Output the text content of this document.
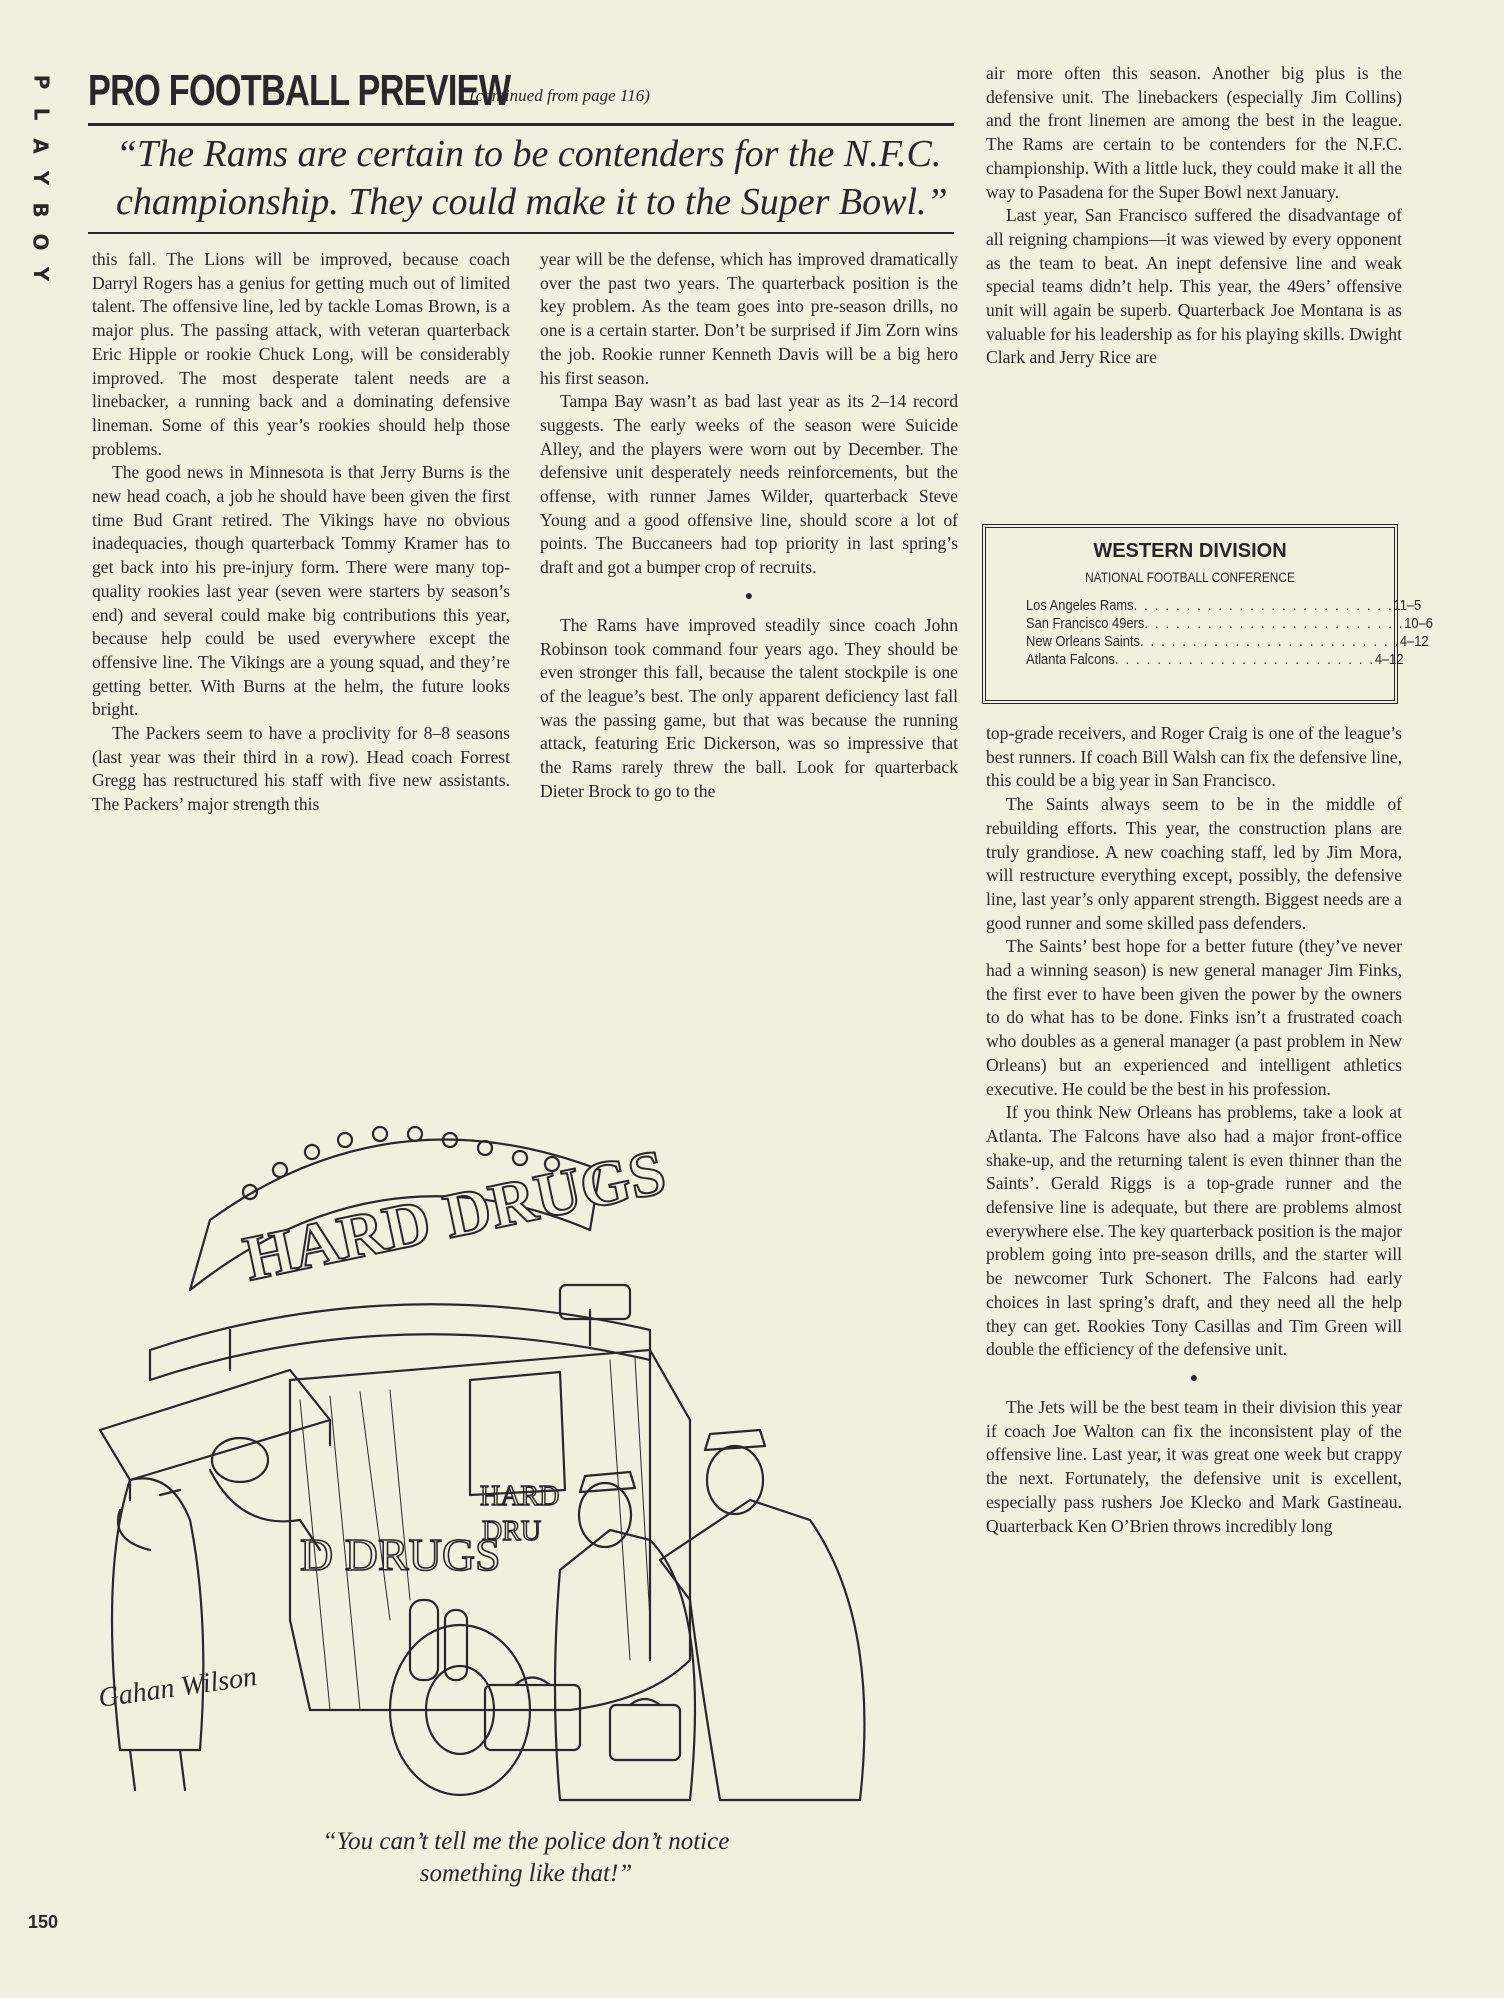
P
L
A
Y
B
O
Y
PRO FOOTBALL PREVIEW
(continued from page 116)
“The Rams are certain to be contenders for the N.F.C.
championship. They could make it to the Super Bowl.”

this fall. The Lions will be improved, because coach Darryl Rogers has a genius for getting much out of limited talent. The offensive line, led by tackle Lomas Brown, is a major plus. The passing attack, with veteran quarterback Eric Hipple or rookie Chuck Long, will be considerably improved. The most desperate talent needs are a linebacker, a running back and a dominating defensive lineman. Some of this year’s rookies should help those problems.

The good news in Minnesota is that Jerry Burns is the new head coach, a job he should have been given the first time Bud Grant retired. The Vikings have no obvious inadequacies, though quarterback Tommy Kramer has to get back into his pre-injury form. There were many top-quality rookies last year (seven were starters by season’s end) and several could make big contributions this year, because help could be used everywhere except the offensive line. The Vikings are a young squad, and they’re getting better. With Burns at the helm, the future looks bright.

The Packers seem to have a proclivity for 8–8 seasons (last year was their third in a row). Head coach Forrest Gregg has restructured his staff with five new assistants. The Packers’ major strength this

year will be the defense, which has improved dramatically over the past two years. The quarterback position is the key problem. As the team goes into pre-season drills, no one is a certain starter. Don’t be surprised if Jim Zorn wins the job. Rookie runner Kenneth Davis will be a big hero his first season.

Tampa Bay wasn’t as bad last year as its 2–14 record suggests. The early weeks of the season were Suicide Alley, and the players were worn out by December. The defensive unit desperately needs reinforcements, but the offense, with runner James Wilder, quarterback Steve Young and a good offensive line, should score a lot of points. The Buccaneers had top priority in last spring’s draft and got a bumper crop of recruits.

●

The Rams have improved steadily since coach John Robinson took command four years ago. They should be even stronger this fall, because the talent stockpile is one of the league’s best. The only apparent deficiency last fall was the passing game, but that was because the running attack, featuring Eric Dickerson, was so impressive that the Rams rarely threw the ball. Look for quarterback Dieter Brock to go to the

air more often this season. Another big plus is the defensive unit. The linebackers (especially Jim Collins) and the front linemen are among the best in the league. The Rams are certain to be contenders for the N.F.C. championship. With a little luck, they could make it all the way to Pasadena for the Super Bowl next January.

Last year, San Francisco suffered the disadvantage of all reigning champions—it was viewed by every opponent as the team to beat. An inept defensive line and weak special teams didn’t help. This year, the 49ers’ offensive unit will again be superb. Quarterback Joe Montana is as valuable for his leadership as for his playing skills. Dwight Clark and Jerry Rice are

WESTERN DIVISION
NATIONAL FOOTBALL CONFERENCE
Los Angeles Rams . . . . . . . . . . . . . . . . . . . . . . . . . 11–5
San Francisco 49ers . . . . . . . . . . . . . . . . . . . . . . . . . 10–6
New Orleans Saints . . . . . . . . . . . . . . . . . . . . . . . . . 4–12
Atlanta Falcons . . . . . . . . . . . . . . . . . . . . . . . . . 4–12

top-grade receivers, and Roger Craig is one of the league’s best runners. If coach Bill Walsh can fix the defensive line, this could be a big year in San Francisco.

The Saints always seem to be in the middle of rebuilding efforts. This year, the construction plans are truly grandiose. A new coaching staff, led by Jim Mora, will restructure everything except, possibly, the defensive line, last year’s only apparent strength. Biggest needs are a good runner and some skilled pass defenders.

The Saints’ best hope for a better future (they’ve never had a winning season) is new general manager Jim Finks, the first ever to have been given the power by the owners to do what has to be done. Finks isn’t a frustrated coach who doubles as a general manager (a past problem in New Orleans) but an experienced and intelligent athletics executive. He could be the best in his profession.

If you think New Orleans has problems, take a look at Atlanta. The Falcons have also had a major front-office shake-up, and the returning talent is even thinner than the Saints’. Gerald Riggs is a top-grade runner and the defensive line is adequate, but there are problems almost everywhere else. The key quarterback position is the major problem going into pre-season drills, and the starter will be newcomer Turk Schonert. The Falcons had early choices in last spring’s draft, and they need all the help they can get. Rookies Tony Casillas and Tim Green will double the efficiency of the defensive unit.

●

The Jets will be the best team in their division this year if coach Joe Walton can fix the inconsistent play of the offensive line. Last year, it was great one week but crappy the next. Fortunately, the defensive unit is excellent, especially pass rushers Joe Klecko and Mark Gastineau. Quarterback Ken O’Brien throws incredibly long

HARD DRUGS
HARD
DRU
D DRUGS
Gahan Wilson
“You can’t tell me the police don’t notice
something like that!”
150
